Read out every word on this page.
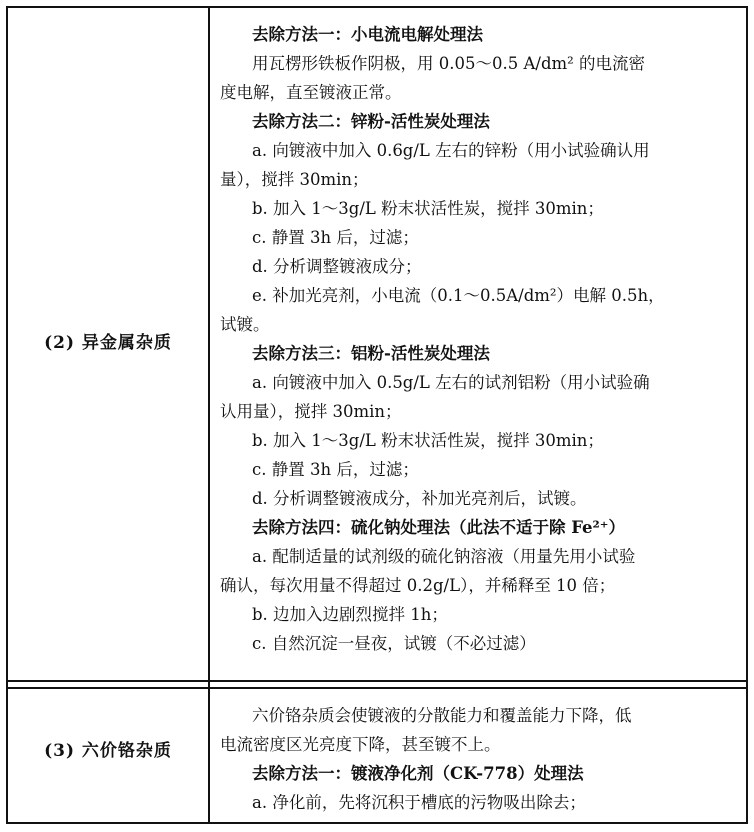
(2) 异金属杂质
去除方法一：小电流电解处理法
用瓦楞形铁板作阴极，用 0.05～0.5 A/dm² 的电流密
度电解，直至镀液正常。
去除方法二：锌粉-活性炭处理法
a. 向镀液中加入 0.6g/L 左右的锌粉（用小试验确认用
量），搅拌 30min；
b. 加入 1～3g/L 粉末状活性炭，搅拌 30min；
c. 静置 3h 后，过滤；
d. 分析调整镀液成分；
e. 补加光亮剂，小电流（0.1～0.5A/dm²）电解 0.5h，
试镀。
去除方法三：铝粉-活性炭处理法
a. 向镀液中加入 0.5g/L 左右的试剂铝粉（用小试验确
认用量），搅拌 30min；
b. 加入 1～3g/L 粉末状活性炭，搅拌 30min；
c. 静置 3h 后，过滤；
d. 分析调整镀液成分，补加光亮剂后，试镀。
去除方法四：硫化钠处理法（此法不适于除 Fe²⁺）
a. 配制适量的试剂级的硫化钠溶液（用量先用小试验
确认，每次用量不得超过 0.2g/L），并稀释至 10 倍；
b. 边加入边剧烈搅拌 1h；
c. 自然沉淀一昼夜，试镀（不必过滤）
(3) 六价铬杂质
六价铬杂质会使镀液的分散能力和覆盖能力下降，低
电流密度区光亮度下降，甚至镀不上。
去除方法一：镀液净化剂（CK-778）处理法
a. 净化前，先将沉积于槽底的污物吸出除去；
